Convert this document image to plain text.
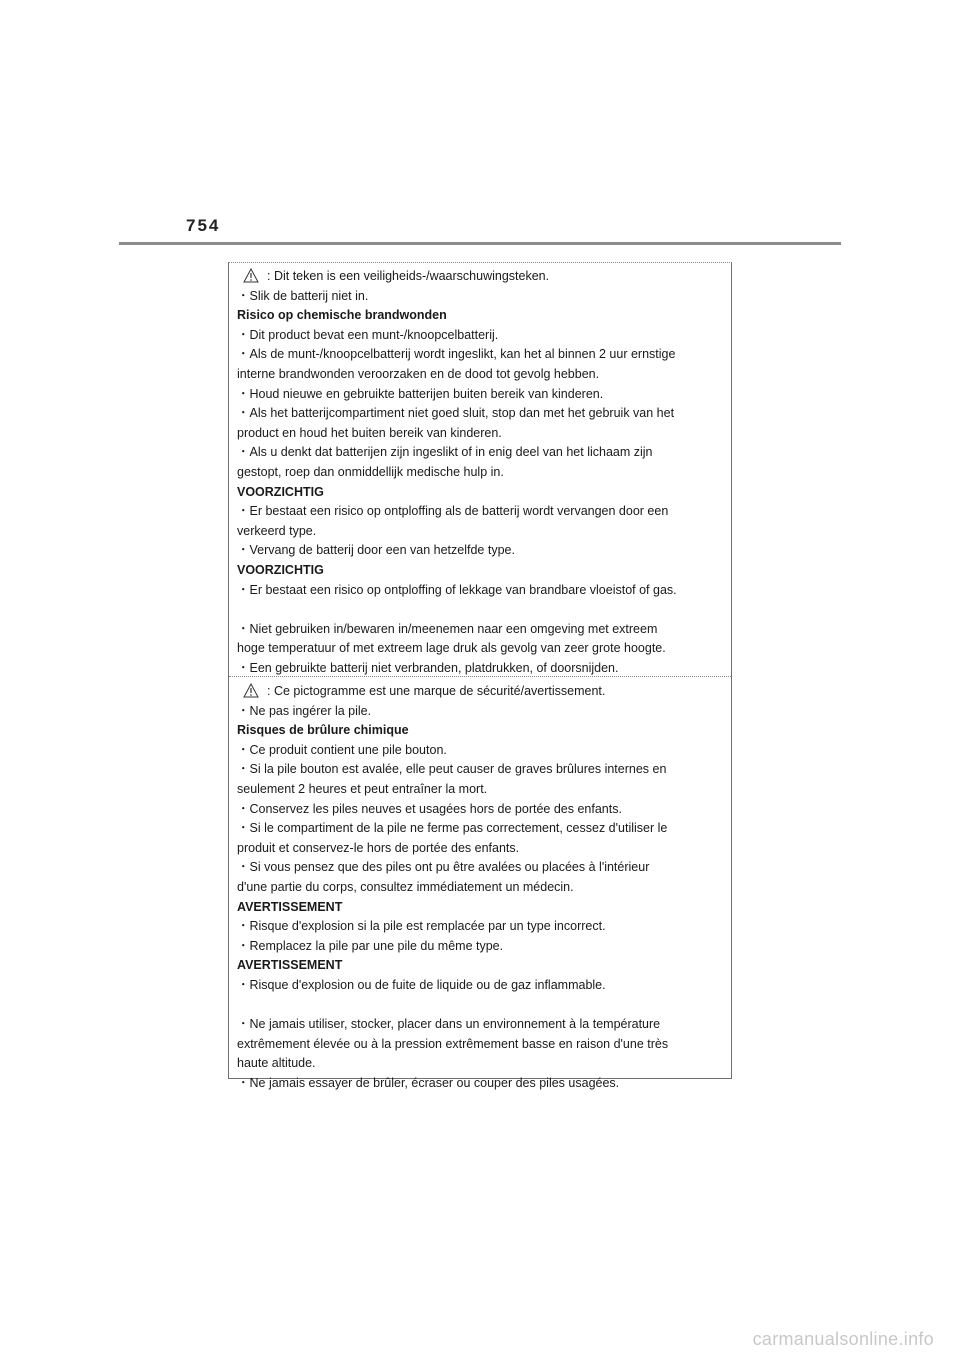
754
: Dit teken is een veiligheids-/waarschuwingsteken.
・Slik de batterij niet in.
Risico op chemische brandwonden
・Dit product bevat een munt-/knoopcelbatterij.
・Als de munt-/knoopcelbatterij wordt ingeslikt, kan het al binnen 2 uur ernstige
interne brandwonden veroorzaken en de dood tot gevolg hebben.
・Houd nieuwe en gebruikte batterijen buiten bereik van kinderen.
・Als het batterijcompartiment niet goed sluit, stop dan met het gebruik van het
product en houd het buiten bereik van kinderen.
・Als u denkt dat batterijen zijn ingeslikt of in enig deel van het lichaam zijn
gestopt, roep dan onmiddellijk medische hulp in.
VOORZICHTIG
・Er bestaat een risico op ontploffing als de batterij wordt vervangen door een
verkeerd type.
・Vervang de batterij door een van hetzelfde type.
VOORZICHTIG
・Er bestaat een risico op ontploffing of lekkage van brandbare vloeistof of gas.
・Niet gebruiken in/bewaren in/meenemen naar een omgeving met extreem
hoge temperatuur of met extreem lage druk als gevolg van zeer grote hoogte.
・Een gebruikte batterij niet verbranden, platdrukken, of doorsnijden.
: Ce pictogramme est une marque de sécurité/avertissement.
・Ne pas ingérer la pile.
Risques de brûlure chimique
・Ce produit contient une pile bouton.
・Si la pile bouton est avalée, elle peut causer de graves brûlures internes en
seulement 2 heures et peut entraîner la mort.
・Conservez les piles neuves et usagées hors de portée des enfants.
・Si le compartiment de la pile ne ferme pas correctement, cessez d'utiliser le
produit et conservez-le hors de portée des enfants.
・Si vous pensez que des piles ont pu être avalées ou placées à l'intérieur
d'une partie du corps, consultez immédiatement un médecin.
AVERTISSEMENT
・Risque d'explosion si la pile est remplacée par un type incorrect.
・Remplacez la pile par une pile du même type.
AVERTISSEMENT
・Risque d'explosion ou de fuite de liquide ou de gaz inflammable.
・Ne jamais utiliser, stocker, placer dans un environnement à la température
extrêmement élevée ou à la pression extrêmement basse en raison d'une très
haute altitude.
・Ne jamais essayer de brûler, écraser ou couper des piles usagées.
carmanualsonline.info
